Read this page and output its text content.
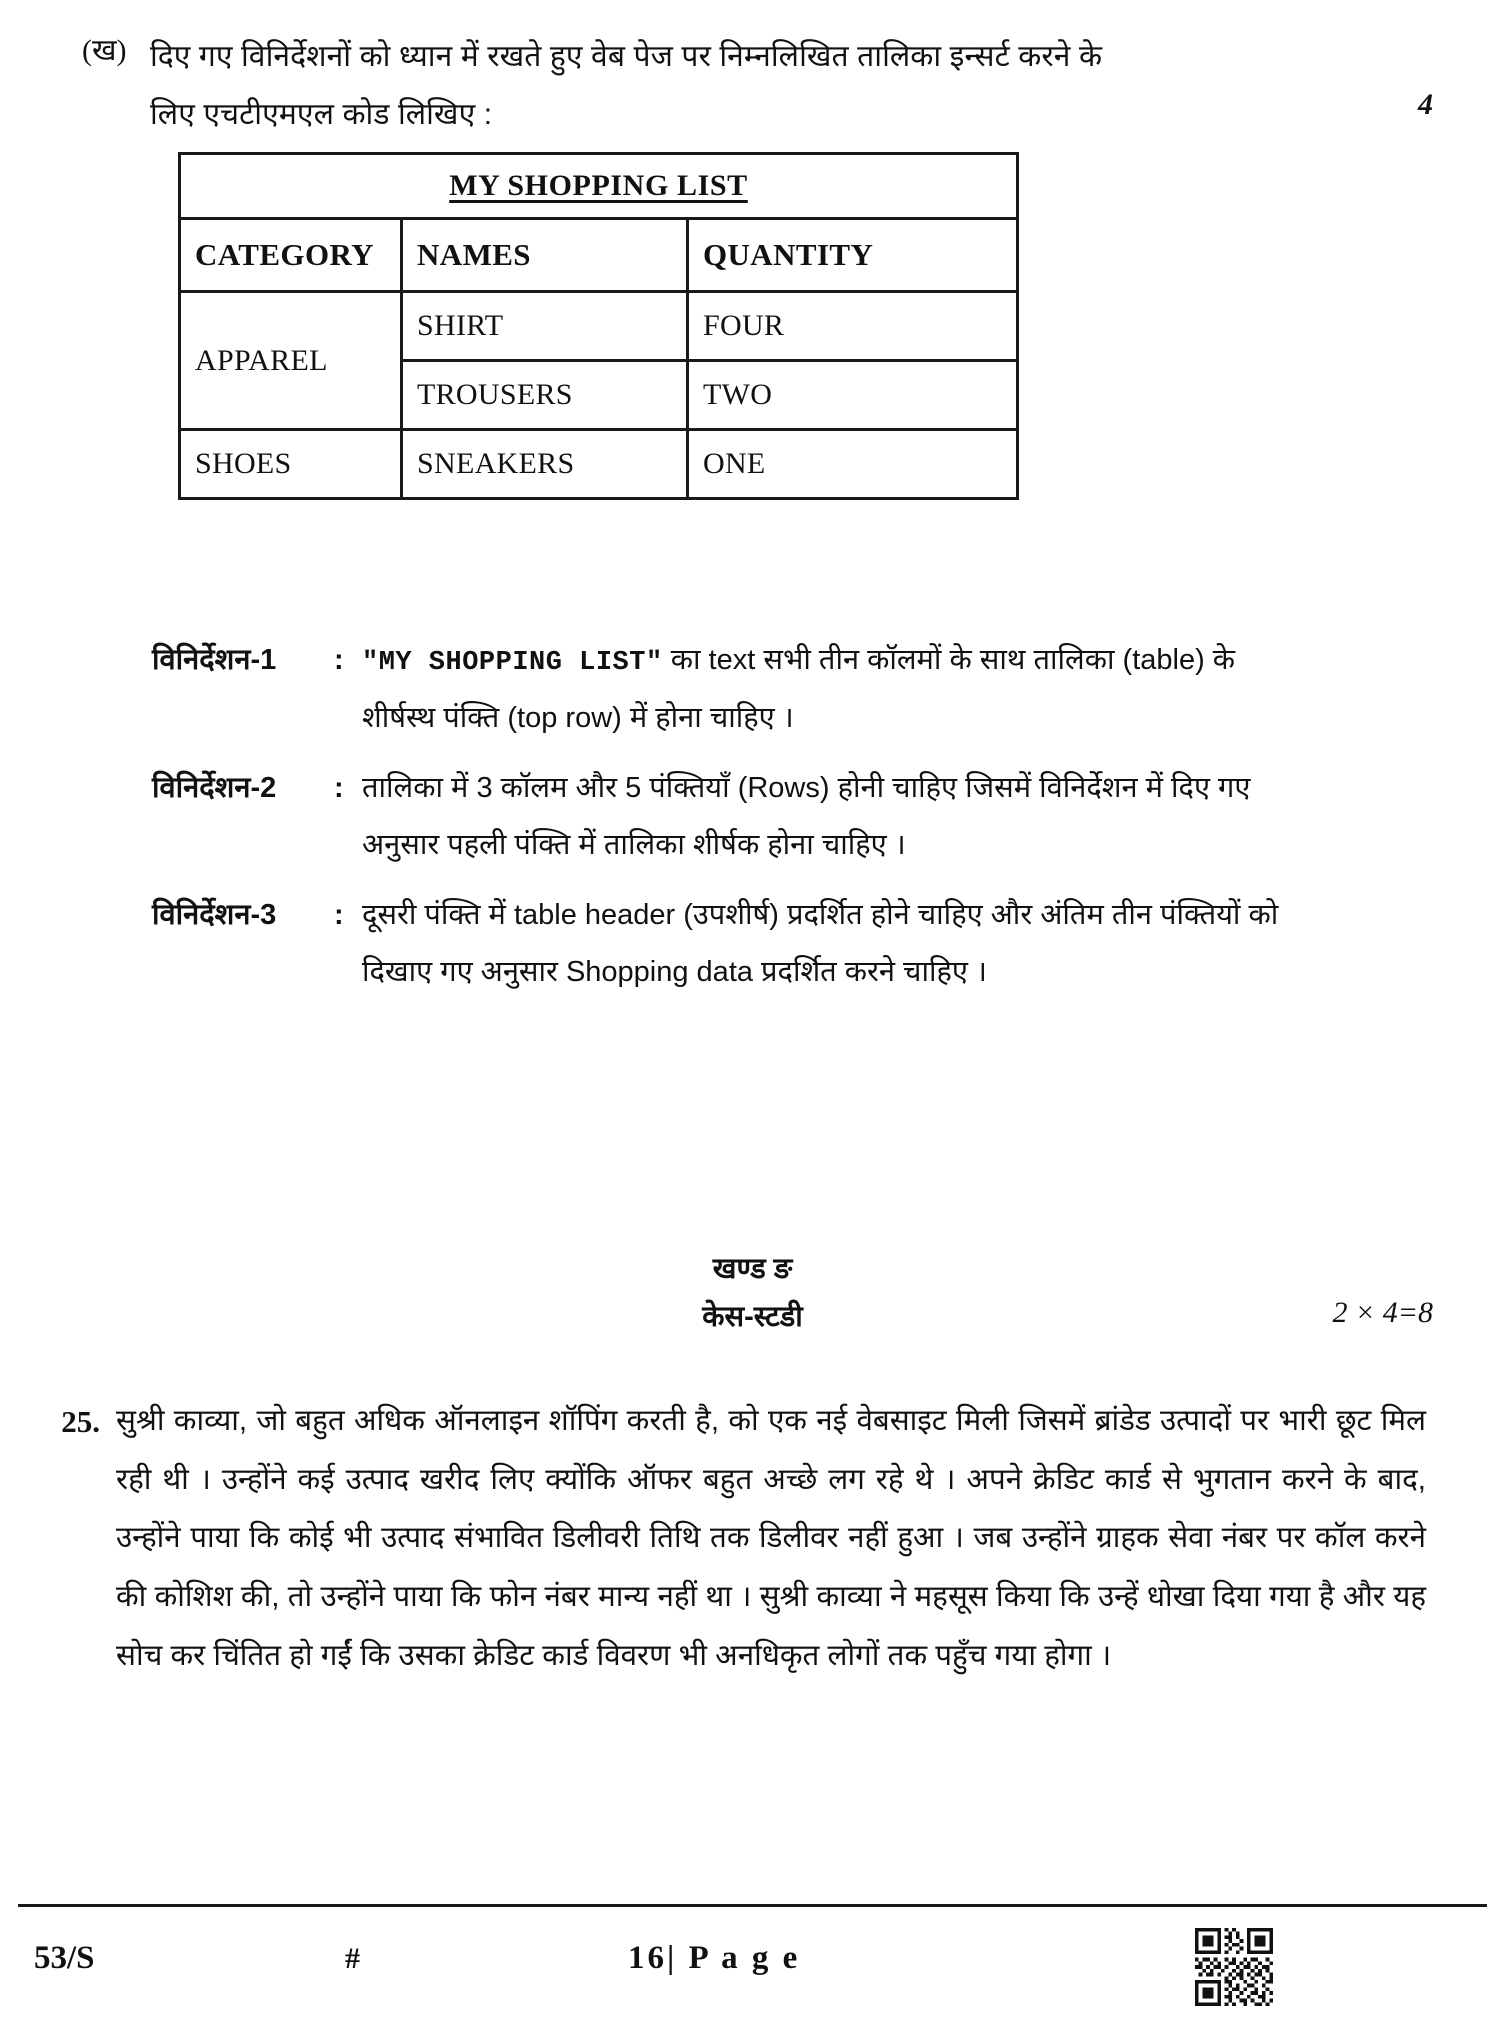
(ख) दिए गए विनिर्देशनों को ध्यान में रखते हुए वेब पेज पर निम्नलिखित तालिका इन्सर्ट करने के लिए एचटीएमएल कोड लिखिए :	4
MY SHOPPING LIST		
CATEGORY	NAMES	QUANTITY
APPAREL	SHIRT	FOUR
	TROUSERS	TWO
SHOES	SNEAKERS	ONE
विनिर्देशन-1	: "MY SHOPPING LIST" का text सभी तीन कॉलमों के साथ तालिका (table) के शीर्षस्थ पंक्ति (top row) में होना चाहिए ।
विनिर्देशन-2	: तालिका में 3 कॉलम और 5 पंक्तियाँ (Rows) होनी चाहिए जिसमें विनिर्देशन में दिए गए अनुसार पहली पंक्ति में तालिका शीर्षक होना चाहिए ।
विनिर्देशन-3	: दूसरी पंक्ति में table header (उपशीर्ष) प्रदर्शित होने चाहिए और अंतिम तीन पंक्तियों को दिखाए गए अनुसार Shopping data प्रदर्शित करने चाहिए ।
खण्ड ङ
केस-स्टडी	2 × 4=8
25. सुश्री काव्या, जो बहुत अधिक ऑनलाइन शॉपिंग करती है, को एक नई वेबसाइट मिली जिसमें ब्रांडेड उत्पादों पर भारी छूट मिल रही थी । उन्होंने कई उत्पाद खरीद लिए क्योंकि ऑफर बहुत अच्छे लग रहे थे । अपने क्रेडिट कार्ड से भुगतान करने के बाद, उन्होंने पाया कि कोई भी उत्पाद संभावित डिलीवरी तिथि तक डिलीवर नहीं हुआ । जब उन्होंने ग्राहक सेवा नंबर पर कॉल करने की कोशिश की, तो उन्होंने पाया कि फोन नंबर मान्य नहीं था । सुश्री काव्या ने महसूस किया कि उन्हें धोखा दिया गया है और यह सोच कर चिंतित हो गईं कि उसका क्रेडिट कार्ड विवरण भी अनधिकृत लोगों तक पहुँच गया होगा ।
53/S	#	16| P a g e
